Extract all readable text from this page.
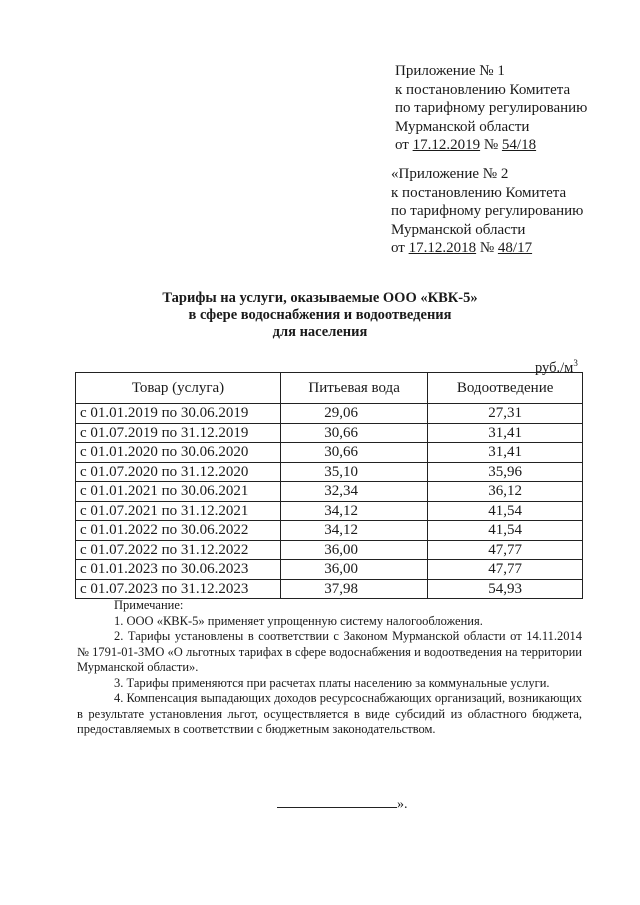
Приложение № 1
к постановлению Комитета
по тарифному регулированию
Мурманской области
от 17.12.2019 № 54/18
«Приложение № 2
к постановлению Комитета
по тарифному регулированию
Мурманской области
от 17.12.2018 № 48/17
Тарифы на услуги, оказываемые ООО «КВК-5»
в сфере водоснабжения и водоотведения
для населения
$руб./м^3$
Товар (услуга)	Питьевая вода	Водоотведение
с 01.01.2019 по 30.06.2019	29,06	27,31
с 01.07.2019 по 31.12.2019	30,66	31,41
с 01.01.2020 по 30.06.2020	30,66	31,41
с 01.07.2020 по 31.12.2020	35,10	35,96
с 01.01.2021 по 30.06.2021	32,34	36,12
с 01.07.2021 по 31.12.2021	34,12	41,54
с 01.01.2022 по 30.06.2022	34,12	41,54
с 01.07.2022 по 31.12.2022	36,00	47,77
с 01.01.2023 по 30.06.2023	36,00	47,77
с 01.07.2023 по 31.12.2023	37,98	54,93
Примечание:
1. ООО «КВК-5» применяет упрощенную систему налогообложения.
2. Тарифы установлены в соответствии с Законом Мурманской области от 14.11.2014 № 1791-01-ЗМО «О льготных тарифах в сфере водоснабжения и водоотведения на территории Мурманской области».
3. Тарифы применяются при расчетах платы населению за коммунальные услуги.
4. Компенсация выпадающих доходов ресурсоснабжающих организаций, возникающих в результате установления льгот, осуществляется в виде субсидий из областного бюджета, предоставляемых в соответствии с бюджетным законодательством.
».
